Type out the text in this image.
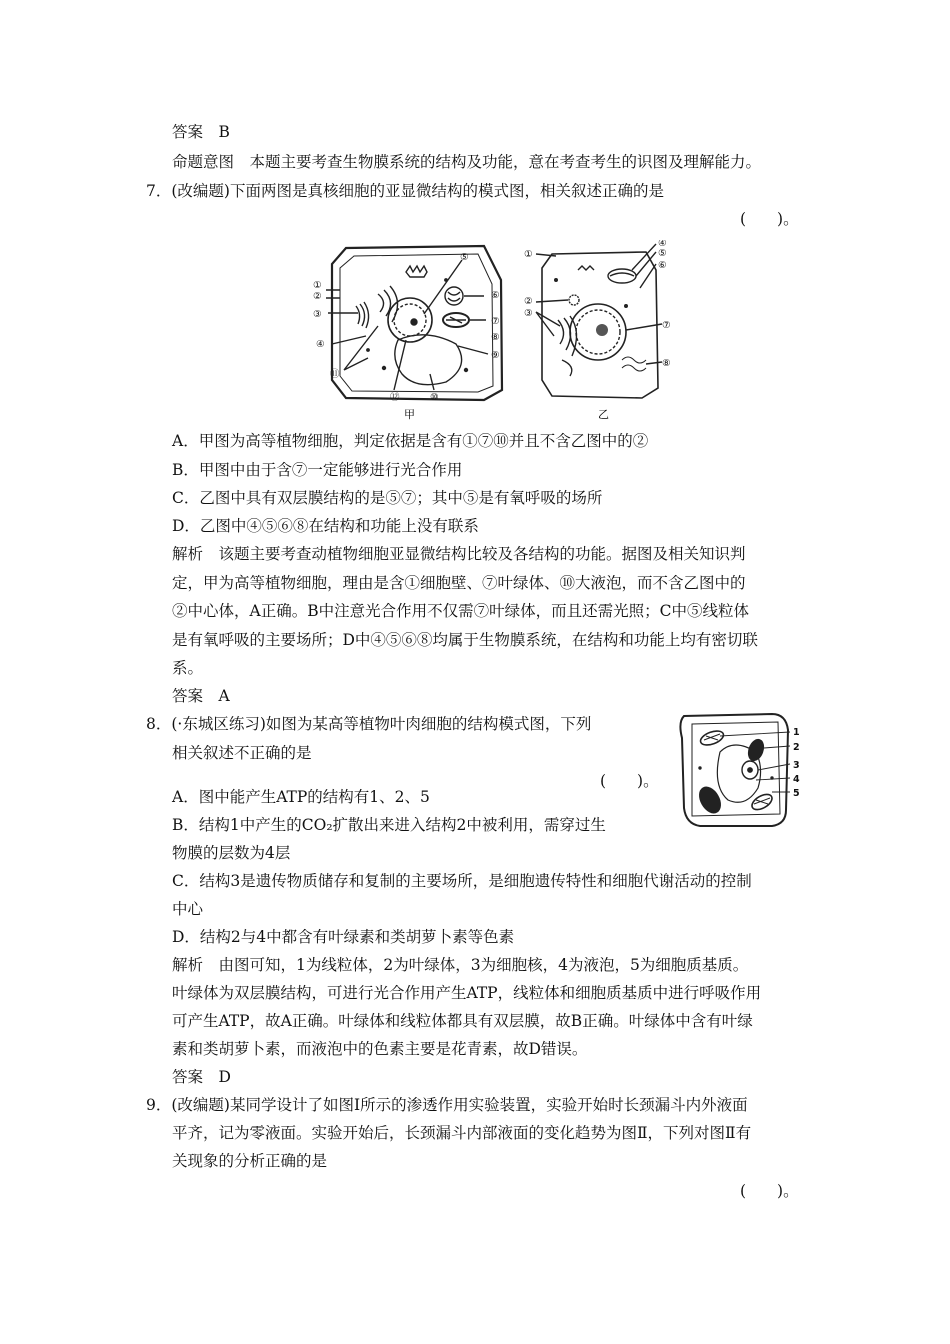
答案　B
命题意图　本题主要考查生物膜系统的结构及功能，意在考查考生的识图及理解能力。
7．(改编题)下面两图是真核细胞的亚显微结构的模式图，相关叙述正确的是
(　　)。
①
②
③
④
⑪
⑫	⑩
⑨
⑧
⑦
⑥
⑤	①
②
③
④
⑤
⑥
⑦
⑧
甲	乙
A．甲图为高等植物细胞，判定依据是含有①⑦⑩并且不含乙图中的②
B．甲图中由于含⑦一定能够进行光合作用
C．乙图中具有双层膜结构的是⑤⑦；其中⑤是有氧呼吸的场所
D．乙图中④⑤⑥⑧在结构和功能上没有联系
解析　该题主要考查动植物细胞亚显微结构比较及各结构的功能。据图及相关知识判
定，甲为高等植物细胞，理由是含①细胞壁、⑦叶绿体、⑩大液泡，而不含乙图中的
②中心体，A正确。B中注意光合作用不仅需⑦叶绿体，而且还需光照；C中⑤线粒体
是有氧呼吸的主要场所；D中④⑤⑥⑧均属于生物膜系统，在结构和功能上均有密切联
系。
答案　A
8．(·东城区练习)如图为某高等植物叶肉细胞的结构模式图，下列
相关叙述不正确的是
(　　)。
1
2
3
4
5
A．图中能产生ATP的结构有1、2、5
B．结构1中产生的CO₂扩散出来进入结构2中被利用，需穿过生
物膜的层数为4层
C．结构3是遗传物质储存和复制的主要场所，是细胞遗传特性和细胞代谢活动的控制
中心
D．结构2与4中都含有叶绿素和类胡萝卜素等色素
解析　由图可知，1为线粒体，2为叶绿体，3为细胞核，4为液泡，5为细胞质基质。
叶绿体为双层膜结构，可进行光合作用产生ATP，线粒体和细胞质基质中进行呼吸作用
可产生ATP，故A正确。叶绿体和线粒体都具有双层膜，故B正确。叶绿体中含有叶绿
素和类胡萝卜素，而液泡中的色素主要是花青素，故D错误。
答案　D
9．(改编题)某同学设计了如图Ⅰ所示的渗透作用实验装置，实验开始时长颈漏斗内外液面
平齐，记为零液面。实验开始后，长颈漏斗内部液面的变化趋势为图Ⅱ，下列对图Ⅱ有
关现象的分析正确的是
(　　)。
